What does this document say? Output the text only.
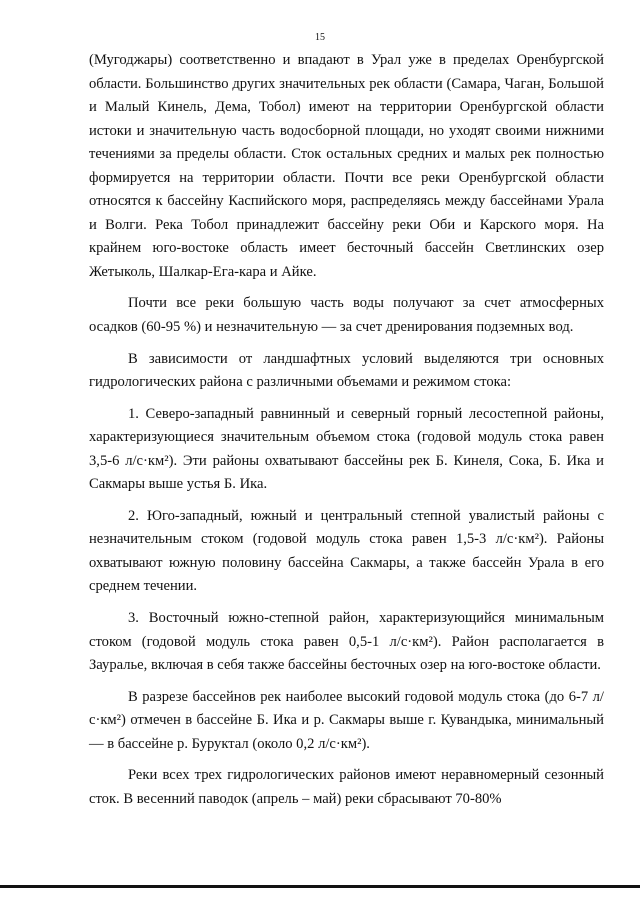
15

(Мугоджары) соответственно и впадают в Урал уже в пределах Оренбургской области. Большинство других значительных рек области (Самара, Чаган, Большой и Малый Кинель, Дема, Тобол) имеют на территории Оренбургской области истоки и значительную часть водосборной площади, но уходят своими нижними течениями за пределы области. Сток остальных средних и малых рек полностью формируется на территории области. Почти все реки Оренбургской области относятся к бассейну Каспийского моря, распределяясь между бассейнами Урала и Волги. Река Тобол принадлежит бассейну реки Оби и Карского моря. На крайнем юго-востоке область имеет бесточный бассейн Светлинских озер Жетыколь, Шалкар-Ега-кара и Айке.

Почти все реки большую часть воды получают за счет атмосферных осадков (60-95 %) и незначительную — за счет дренирования подземных вод.

В зависимости от ландшафтных условий выделяются три основных гидрологических района с различными объемами и режимом стока:

1. Северо-западный равнинный и северный горный лесостепной районы, характеризующиеся значительным объемом стока (годовой модуль стока равен 3,5-6 л/с·км²). Эти районы охватывают бассейны рек Б. Кинеля, Сока, Б. Ика и Сакмары выше устья Б. Ика.

2. Юго-западный, южный и центральный степной увалистый районы с незначительным стоком (годовой модуль стока равен 1,5-3 л/с·км²). Районы охватывают южную половину бассейна Сакмары, а также бассейн Урала в его среднем течении.

3. Восточный южно-степной район, характеризующийся минимальным стоком (годовой модуль стока равен 0,5-1 л/с·км²). Район располагается в Зауралье, включая в себя также бассейны бесточных озер на юго-востоке области.

В разрезе бассейнов рек наиболее высокий годовой модуль стока (до 6-7 л/с·км²) отмечен в бассейне Б. Ика и р. Сакмары выше г. Кувандыка, минимальный — в бассейне р. Буруктал (около 0,2 л/с·км²).

Реки всех трех гидрологических районов имеют неравномерный сезонный сток. В весенний паводок (апрель – май) реки сбрасывают 70-80%
